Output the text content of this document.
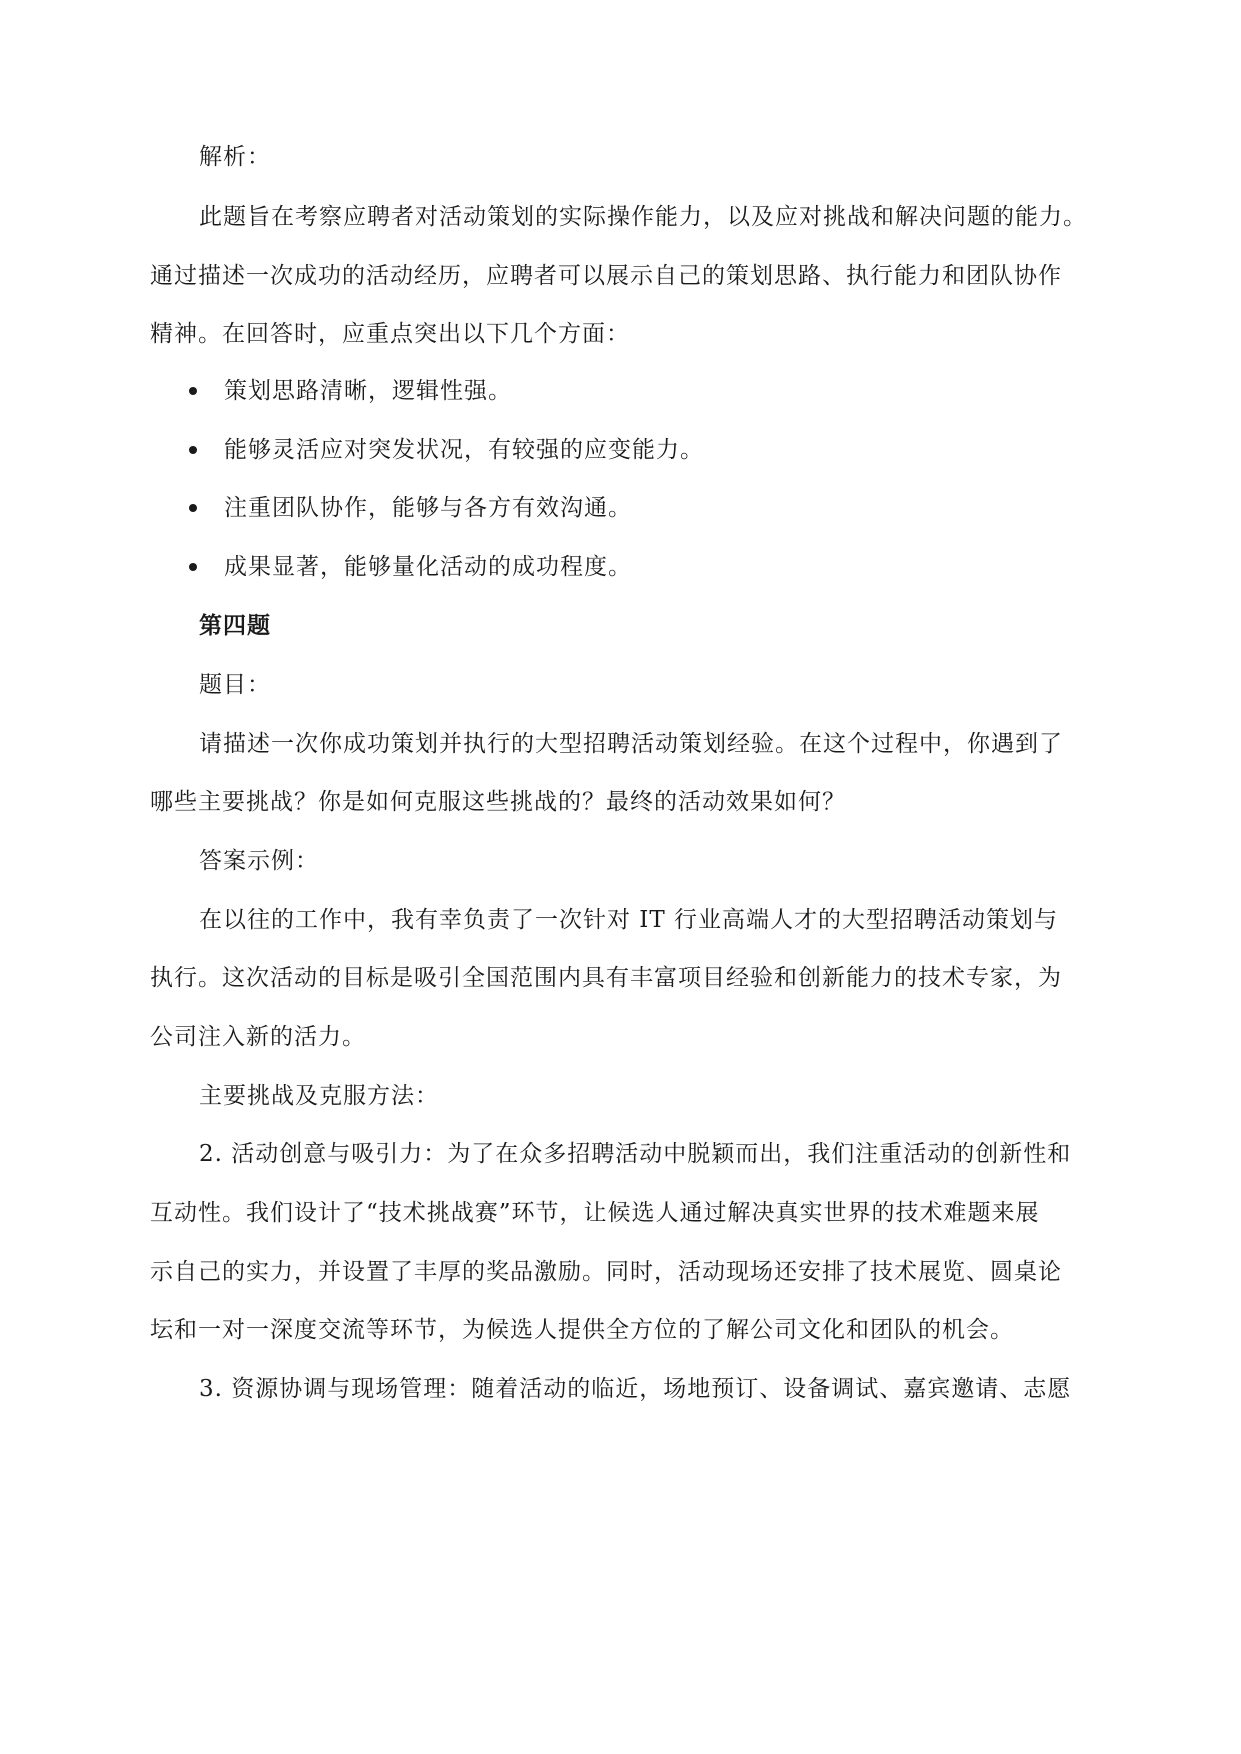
解析：
此题旨在考察应聘者对活动策划的实际操作能力，以及应对挑战和解决问题的能力。
通过描述一次成功的活动经历，应聘者可以展示自己的策划思路、执行能力和团队协作
精神。在回答时，应重点突出以下几个方面：
策划思路清晰，逻辑性强。
能够灵活应对突发状况，有较强的应变能力。
注重团队协作，能够与各方有效沟通。
成果显著，能够量化活动的成功程度。
第四题
题目：
请描述一次你成功策划并执行的大型招聘活动策划经验。在这个过程中，你遇到了
哪些主要挑战？你是如何克服这些挑战的？最终的活动效果如何？
答案示例：
在以往的工作中，我有幸负责了一次针对 IT 行业高端人才的大型招聘活动策划与
执行。这次活动的目标是吸引全国范围内具有丰富项目经验和创新能力的技术专家，为
公司注入新的活力。
主要挑战及克服方法：
2. 活动创意与吸引力：为了在众多招聘活动中脱颖而出，我们注重活动的创新性和
互动性。我们设计了“技术挑战赛”环节，让候选人通过解决真实世界的技术难题来展
示自己的实力，并设置了丰厚的奖品激励。同时，活动现场还安排了技术展览、圆桌论
坛和一对一深度交流等环节，为候选人提供全方位的了解公司文化和团队的机会。
3. 资源协调与现场管理：随着活动的临近，场地预订、设备调试、嘉宾邀请、志愿
